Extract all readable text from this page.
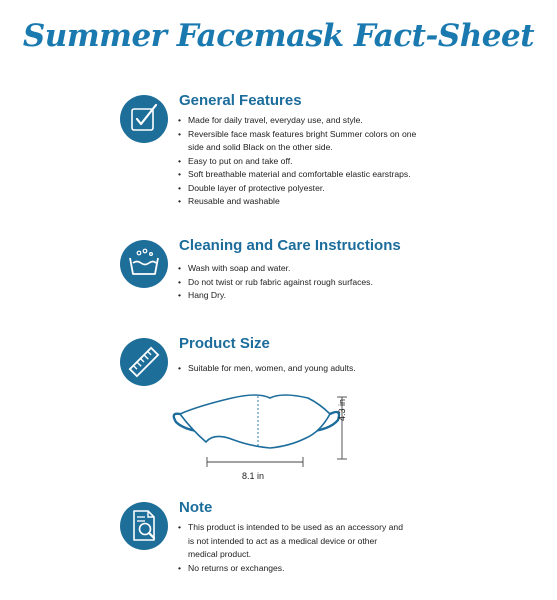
Summer Facemask Fact-Sheet
General Features
• Made for daily travel, everyday use, and style.
• Reversible face mask features bright Summer colors on one side and solid Black on the other side.
• Easy to put on and take off.
• Soft breathable material and comfortable elastic earstraps.
• Double layer of protective polyester.
• Reusable and washable
Cleaning and Care Instructions
• Wash with soap and water.
• Do not twist or rub fabric against rough surfaces.
• Hang Dry.
Product Size
• Suitable for men, women, and young adults.
8.1 in
4.3 in
Note
• This product is intended to be used as an accessory and is not intended to act as a medical device or other medical product.
• No returns or exchanges.
